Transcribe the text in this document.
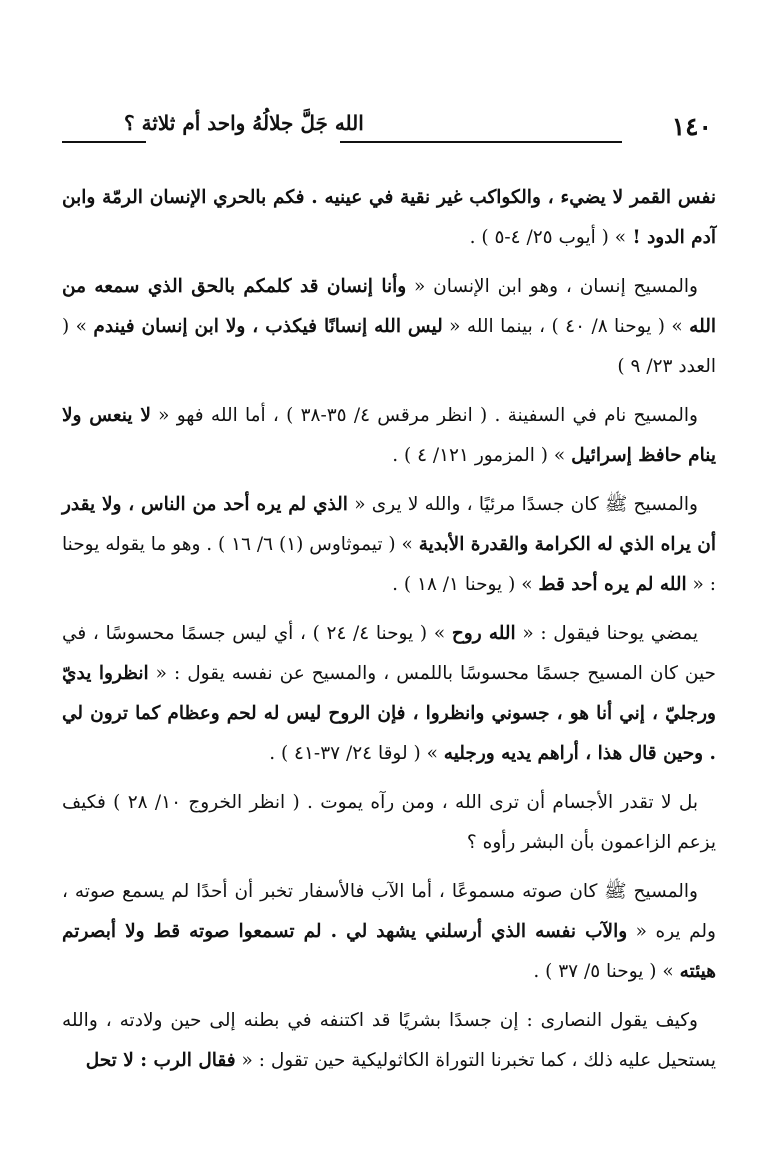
١٤٠
الله جَلَّ جلالُهُ واحد أم ثلاثة ؟

نفس القمر لا يضيء ، والكواكب غير نقية في عينيه . فكم بالحري الإنسان الرمّة وابن آدم الدود ! » ( أيوب ٢٥/ ٤-٥ ) .

والمسيح إنسان ، وهو ابن الإنسان « وأنا إنسان قد كلمكم بالحق الذي سمعه من الله » ( يوحنا ٨/ ٤٠ ) ، بينما الله « ليس الله إنسانًا فيكذب ، ولا ابن إنسان فيندم » ( العدد ٢٣/ ٩ )

والمسيح نام في السفينة . ( انظر مرقس ٤/ ٣٥-٣٨ ) ، أما الله فهو « لا ينعس ولا ينام حافظ إسرائيل » ( المزمور ١٢١/ ٤ ) .

والمسيح ﷺ كان جسدًا مرئيًا ، والله لا يرى « الذي لم يره أحد من الناس ، ولا يقدر أن يراه الذي له الكرامة والقدرة الأبدية » ( تيموثاوس (١) ٦/ ١٦ ) . وهو ما يقوله يوحنا : « الله لم يره أحد قط » ( يوحنا ١/ ١٨ ) .

يمضي يوحنا فيقول : « الله روح » ( يوحنا ٤/ ٢٤ ) ، أي ليس جسمًا محسوسًا ، في حين كان المسيح جسمًا محسوسًا باللمس ، والمسيح عن نفسه يقول : « انظروا يديّ ورجليّ ، إني أنا هو ، جسوني وانظروا ، فإن الروح ليس له لحم وعظام كما ترون لي . وحين قال هذا ، أراهم يديه ورجليه » ( لوقا ٢٤/ ٣٧-٤١ ) .

بل لا تقدر الأجسام أن ترى الله ، ومن رآه يموت . ( انظر الخروج ١٠/ ٢٨ ) فكيف يزعم الزاعمون بأن البشر رأوه ؟

والمسيح ﷺ كان صوته مسموعًا ، أما الآب فالأسفار تخبر أن أحدًا لم يسمع صوته ، ولم يره « والآب نفسه الذي أرسلني يشهد لي . لم تسمعوا صوته قط ولا أبصرتم هيئته » ( يوحنا ٥/ ٣٧ ) .

وكيف يقول النصارى : إن جسدًا بشريًا قد اكتنفه في بطنه إلى حين ولادته ، والله يستحيل عليه ذلك ، كما تخبرنا التوراة الكاثوليكية حين تقول : « فقال الرب : لا تحل
